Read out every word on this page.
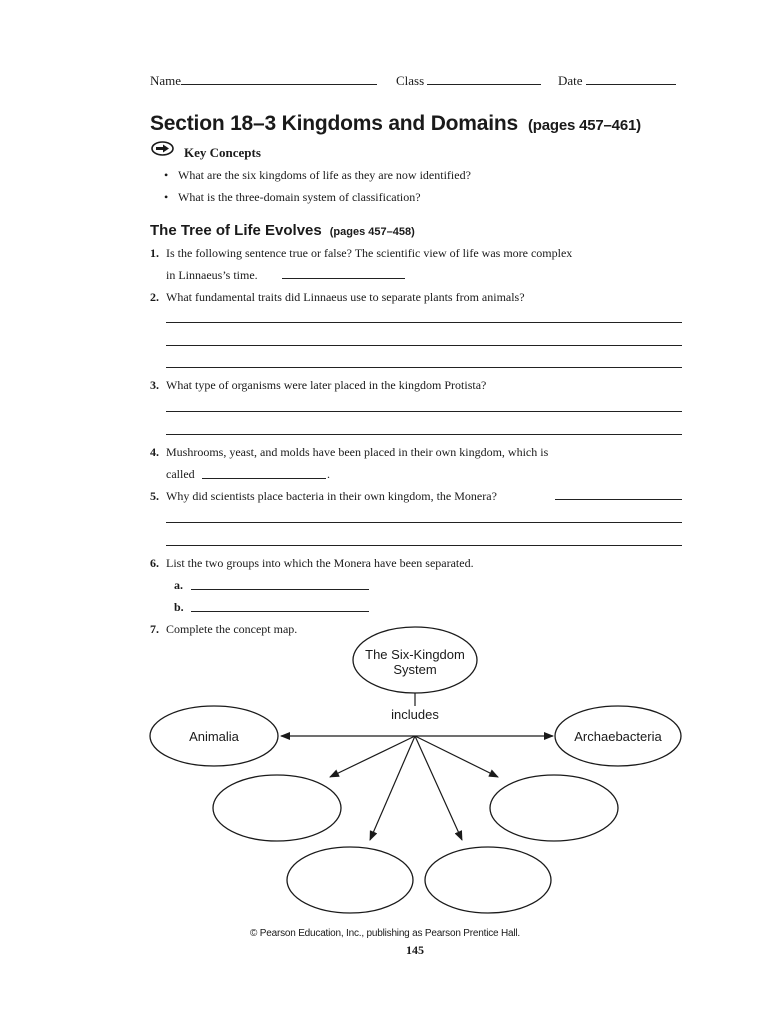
Name	Class	Date
Section 18–3 Kingdoms and Domains (pages 457–461)
Key Concepts
• What are the six kingdoms of life as they are now identified?
• What is the three-domain system of classification?
The Tree of Life Evolves (pages 457–458)
1. Is the following sentence true or false? The scientific view of life was more complex
in Linnaeus’s time.
2. What fundamental traits did Linnaeus use to separate plants from animals?
3. What type of organisms were later placed in the kingdom Protista?
4. Mushrooms, yeast, and molds have been placed in their own kingdom, which is
called	.
5. Why did scientists place bacteria in their own kingdom, the Monera?
6. List the two groups into which the Monera have been separated.
a.
b.
7. Complete the concept map.
The Six-Kingdom
System
includes
Animalia	Archaebacteria
© Pearson Education, Inc., publishing as Pearson Prentice Hall.
145
